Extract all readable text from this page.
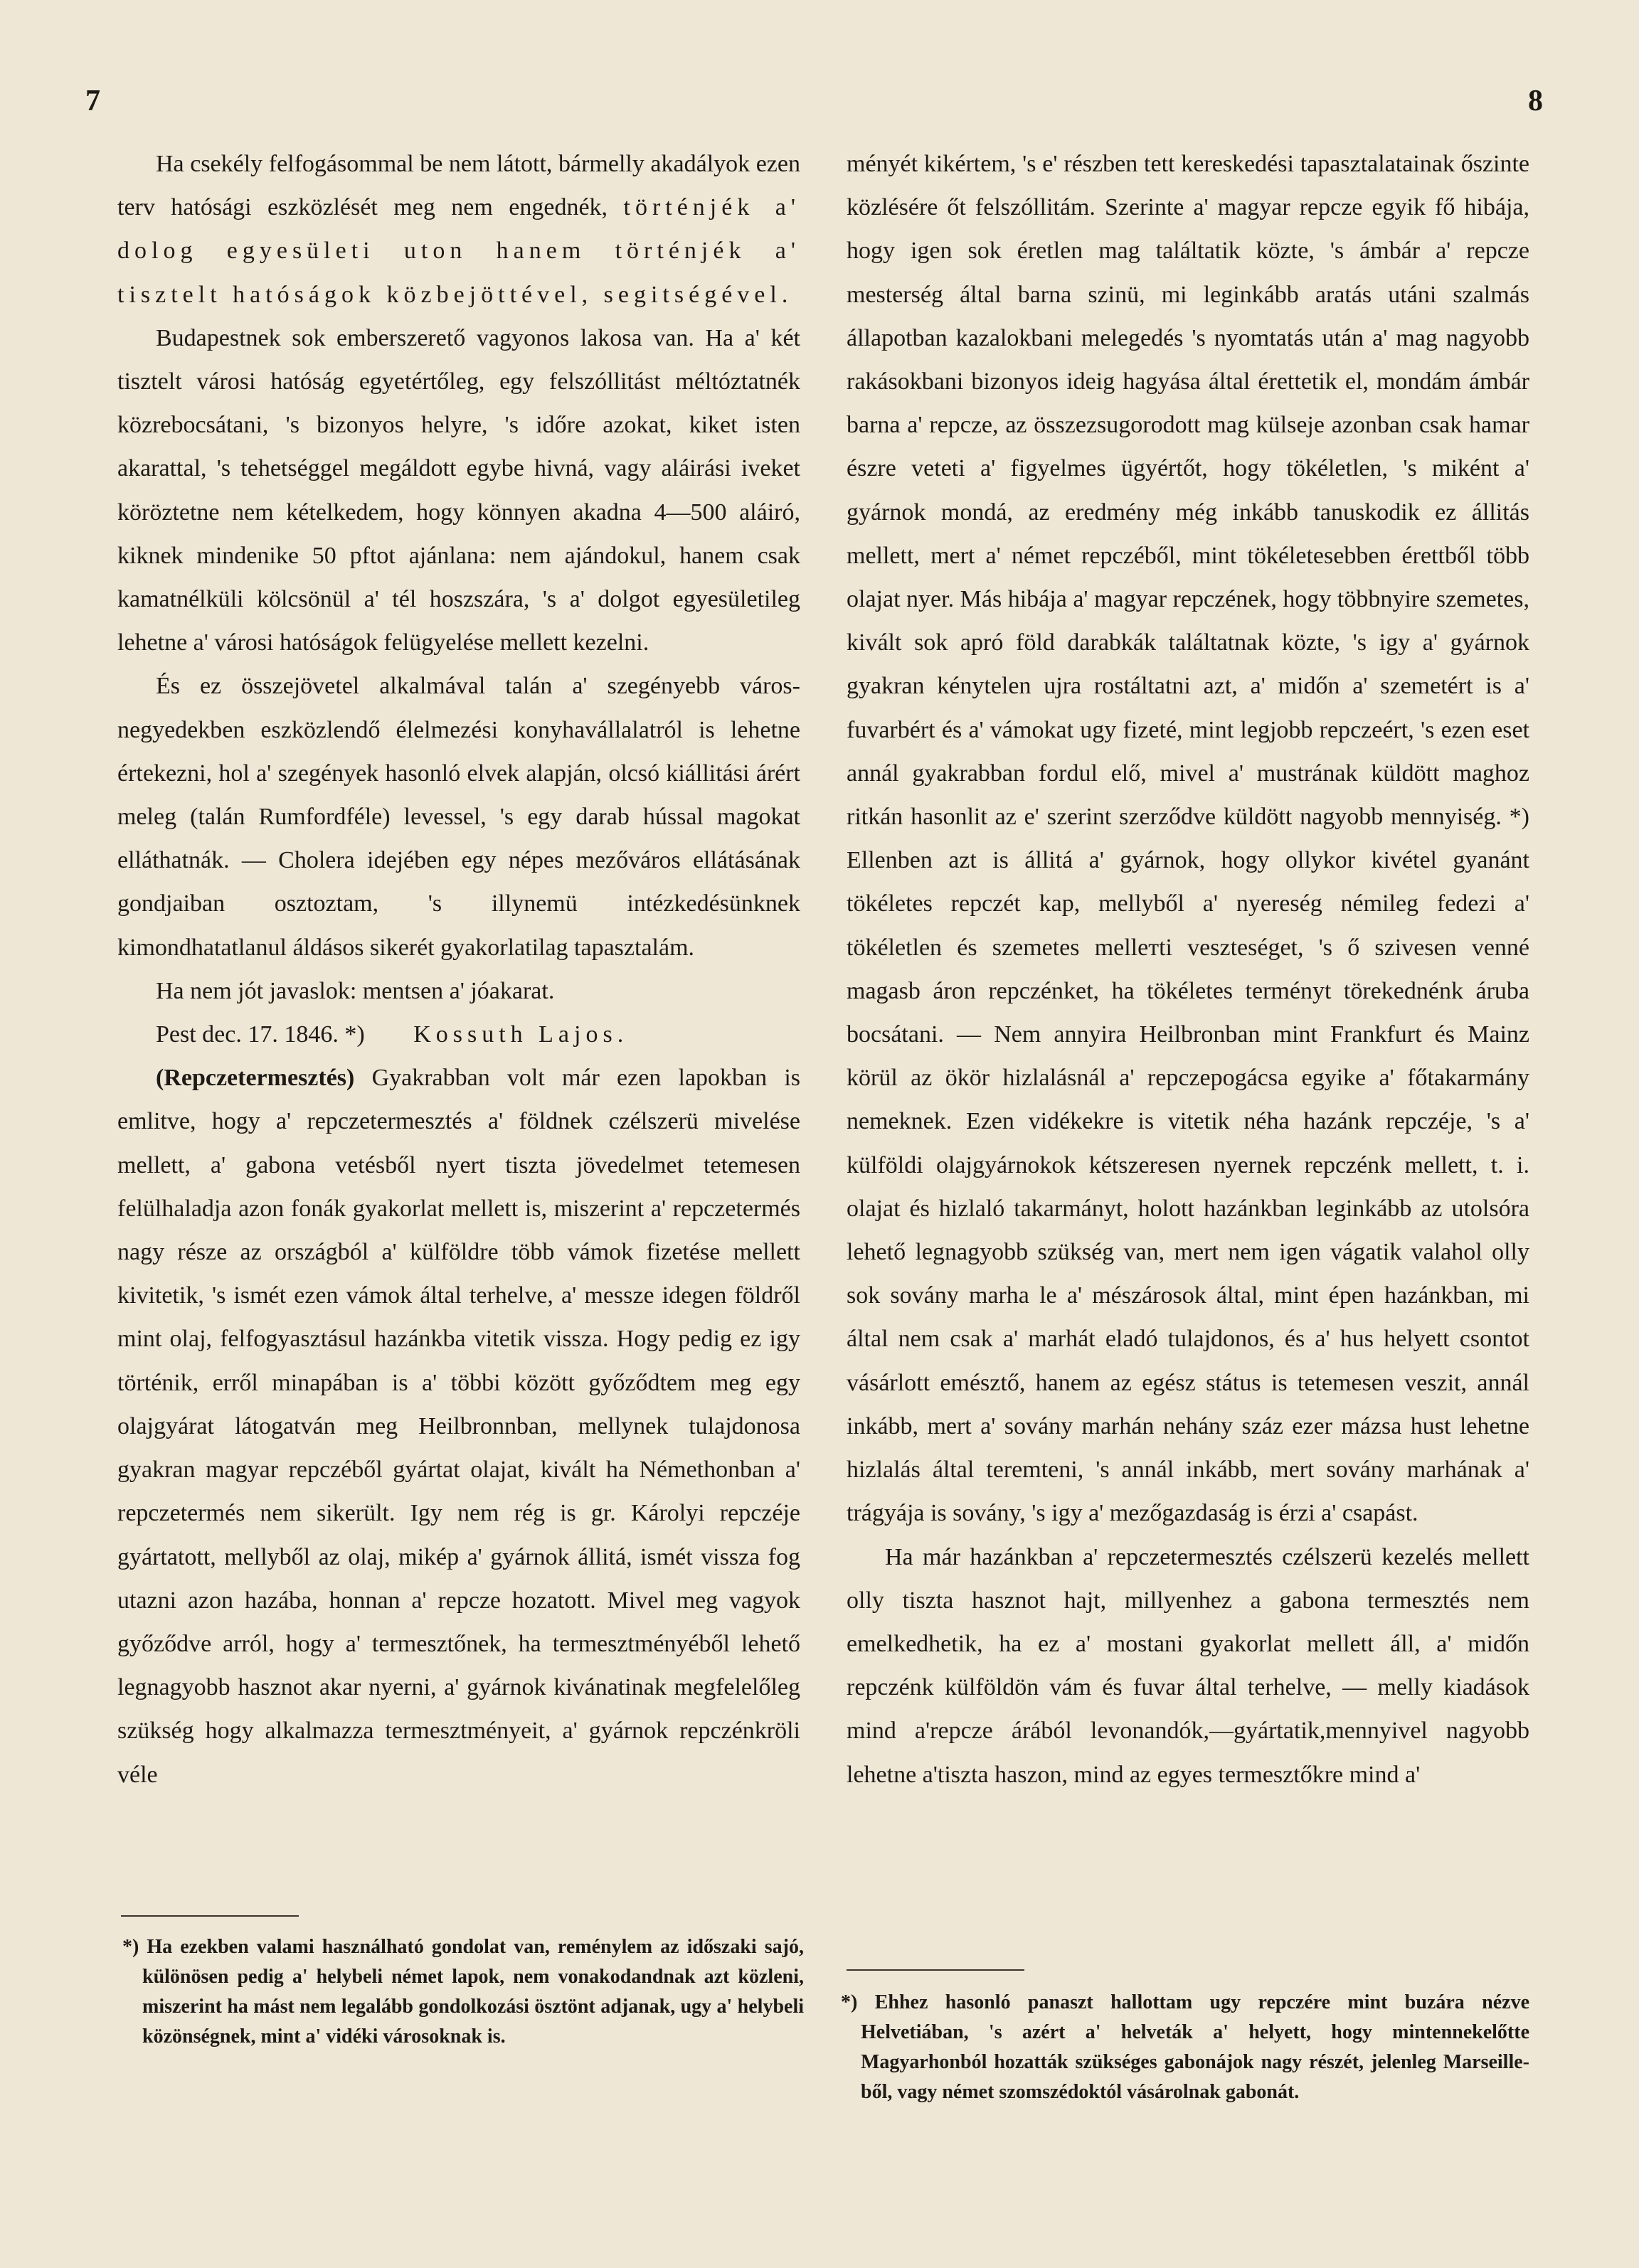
7	8

Ha csekély felfogásommal be nem látott, bármelly akadályok ezen terv hatósági eszközlését meg nem engednék, történjék a' dolog egyesületi uton hanem történjék a' tisztelt hatóságok közbejöttével, segitségével.

Budapestnek sok emberszerető vagyonos lakosa van. Ha a' két tisztelt városi hatóság egyetértőleg, egy felszóllitást méltóztatnék közrebocsátani, 's bizonyos helyre, 's időre azokat, kiket isten akarattal, 's tehetséggel megáldott egybe hivná, vagy aláirási iveket köröztetne nem kételkedem, hogy könnyen akadna 4—500 aláiró, kiknek mindenike 50 pftot ajánlana: nem ajándokul, hanem csak kamatnélküli kölcsönül a' tél hoszszára, 's a' dolgot egyesületileg lehetne a' városi hatóságok felügyelése mellett kezelni.

És ez összejövetel alkalmával talán a' szegényebb város-negyedekben eszközlendő élelmezési konyhavállalatról is lehetne értekezni, hol a' szegények hasonló elvek alapján, olcsó kiállitási árért meleg (talán Rumfordféle) levessel, 's egy darab hússal magokat elláthatnák. — Cholera idejében egy népes mezőváros ellátásának gondjaiban osztoztam, 's illynemü intézkedésünknek kimondhatatlanul áldásos sikerét gyakorlatilag tapasztalám.

Ha nem jót javaslok: mentsen a' jóakarat.

Pest dec. 17. 1846. *) Kossuth Lajos.

(Repczetermesztés) Gyakrabban volt már ezen lapokban is emlitve, hogy a' repczetermesztés a' földnek czélszerü mivelése mellett, a' gabona vetésből nyert tiszta jövedelmet tetemesen felülhaladja azon fonák gyakorlat mellett is, miszerint a' repczetermés nagy része az országból a' külföldre több vámok fizetése mellett kivitetik, 's ismét ezen vámok által terhelve, a' messze idegen földről mint olaj, felfogyasztásul hazánkba vitetik vissza. Hogy pedig ez igy történik, erről minapában is a' többi között győződtem meg egy olajgyárat látogatván meg Heilbronnban, mellynek tulajdonosa gyakran magyar repczéből gyártat olajat, kivált ha Némethonban a' repczetermés nem sikerült. Igy nem rég is gr. Károlyi repczéje gyártatott, mellyből az olaj, mikép a' gyárnok állitá, ismét vissza fog utazni azon hazába, honnan a' repcze hozatott. Mivel meg vagyok győződve arról, hogy a' termesztőnek, ha termesztményéből lehető legnagyobb hasznot akar nyerni, a' gyárnok kivánatinak megfelelőleg szükség hogy alkalmazza termesztményeit, a' gyárnok repczénkröli véle

*) Ha ezekben valami használható gondolat van, reménylem az időszaki sajó, különösen pedig a' helybeli német lapok, nem vonakodandnak azt közleni, miszerint ha mást nem legalább gondolkozási ösztönt adjanak, ugy a' helybeli közönségnek, mint a' vidéki városoknak is.

ményét kikértem, 's e' részben tett kereskedési tapasztalatainak őszinte közlésére őt felszóllitám. Szerinte a' magyar repcze egyik fő hibája, hogy igen sok éretlen mag találtatik közte, 's ámbár a' repcze mesterség által barna szinü, mi leginkább aratás utáni szalmás állapotban kazalokbani melegedés 's nyomtatás után a' mag nagyobb rakásokbani bizonyos ideig hagyása által érettetik el, mondám ámbár barna a' repcze, az összezsugorodott mag külseje azonban csak hamar észre veteti a' figyelmes ügyértőt, hogy tökéletlen, 's miként a' gyárnok mondá, az eredmény még inkább tanuskodik ez állitás mellett, mert a' német repczéből, mint tökéletesebben érettből több olajat nyer. Más hibája a' magyar repczének, hogy többnyire szemetes, kivált sok apró föld darabkák találtatnak közte, 's igy a' gyárnok gyakran kénytelen ujra rostáltatni azt, a' midőn a' szemetért is a' fuvarbért és a' vámokat ugy fizeté, mint legjobb repczeért, 's ezen eset annál gyakrabban fordul elő, mivel a' mustrának küldött maghoz ritkán hasonlit az e' szerint szerződve küldött nagyobb mennyiség. *) Ellenben azt is állitá a' gyárnok, hogy ollykor kivétel gyanánt tökéletes repczét kap, mellyből a' nyereség némileg fedezi a' tökéletlen és szemetes mellетti veszteséget, 's ő szivesen venné magasb áron repczénket, ha tökéletes terményt törekednénk áruba bocsátani. — Nem annyira Heilbronban mint Frankfurt és Mainz körül az ökör hizlalásnál a' repczepogácsa egyike a' főtakarmány nemeknek. Ezen vidékekre is vitetik néha hazánk repczéje, 's a' külföldi olajgyárnokok kétszeresen nyernek repczénk mellett, t. i. olajat és hizlaló takarmányt, holott hazánkban leginkább az utolsóra lehető legnagyobb szükség van, mert nem igen vágatik valahol olly sok sovány marha le a' mészárosok által, mint épen hazánkban, mi által nem csak a' marhát eladó tulajdonos, és a' hus helyett csontot vásárlott emésztő, hanem az egész státus is tetemesen veszit, annál inkább, mert a' sovány marhán nehány száz ezer mázsa hust lehetne hizlalás által teremteni, 's annál inkább, mert sovány marhának a' trágyája is sovány, 's igy a' mezőgazdaság is érzi a' csapást.

Ha már hazánkban a' repczetermesztés czélszerü kezelés mellett olly tiszta hasznot hajt, millyenhez a gabona termesztés nem emelkedhetik, ha ez a' mostani gyakorlat mellett áll, a' midőn repczénk külföldön vám és fuvar által terhelve, — melly kiadások mind a'repcze árából levonandók,—gyártatik,mennyivel nagyobb lehetne a'tiszta haszon, mind az egyes termesztőkre mind a'

*) Ehhez hasonló panaszt hallottam ugy repczére mint buzára nézve Helvetiában, 's azért a' helveták a' helyett, hogy mintennekelőtte Magyarhonból hozatták szükséges gabonájok nagy részét, jelenleg Marseille-ből, vagy német szomszédoktól vásárolnak gabonát.
